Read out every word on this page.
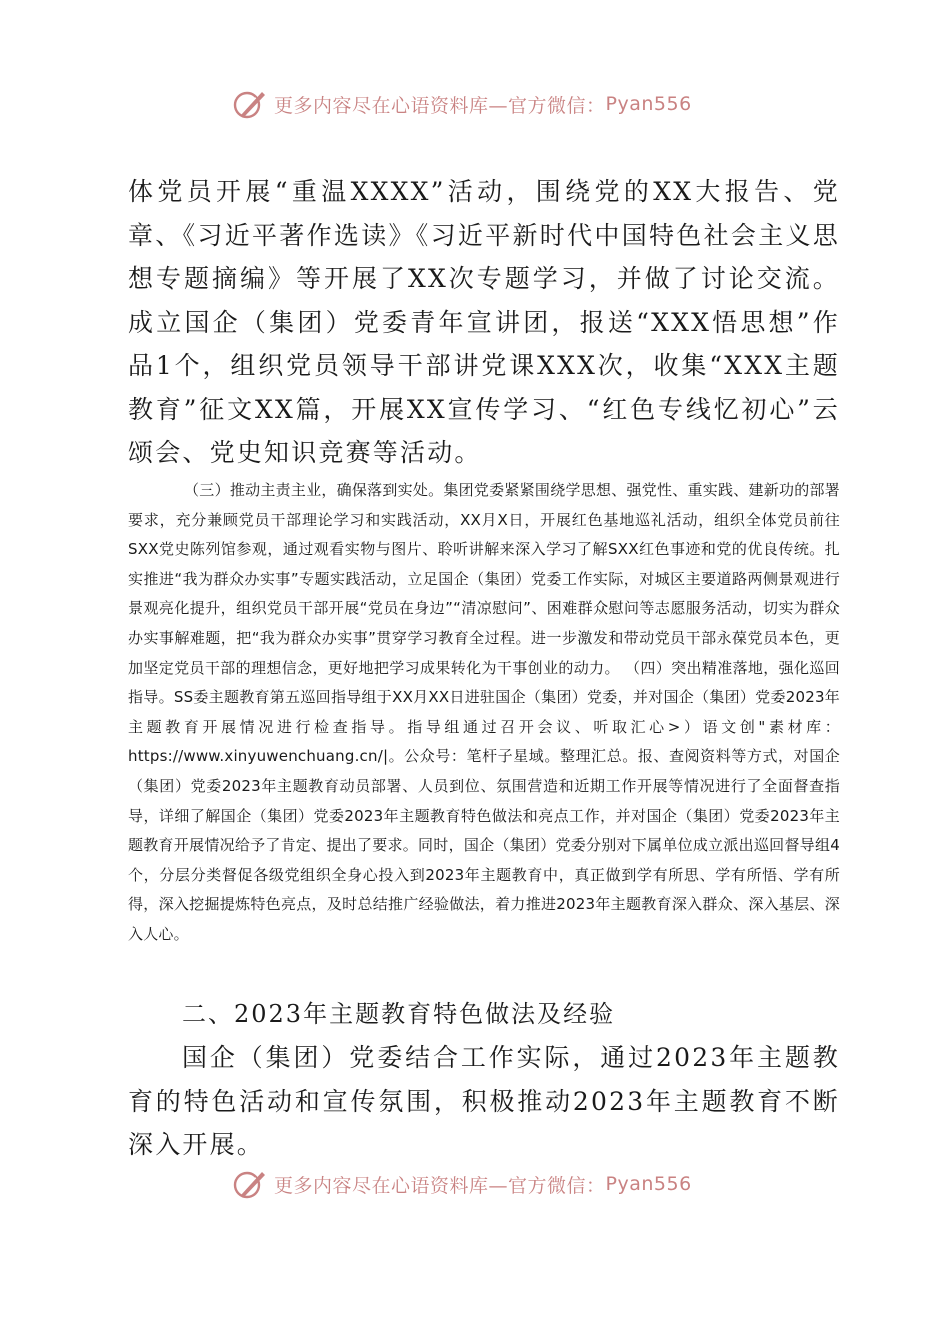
更多内容尽在心语资料库—官方微信： Pyan556

体党员开展“重温XXXX”活动，围绕党的XX大报告、党章、《习近平著作选读》《习近平新时代中国特色社会主义思想专题摘编》等开展了XX次专题学习，并做了讨论交流。成立国企（集团）党委青年宣讲团，报送“XXX悟思想”作品1个，组织党员领导干部讲党课XXX次，收集“XXX主题教育”征文XX篇，开展XX宣传学习、“红色专线忆初心”云颂会、党史知识竞赛等活动。

（三）推动主责主业，确保落到实处。集团党委紧紧围绕学思想、强党性、重实践、建新功的部署要求，充分兼顾党员干部理论学习和实践活动，XX月X日，开展红色基地巡礼活动，组织全体党员前往SXX党史陈列馆参观，通过观看实物与图片、聆听讲解来深入学习了解SXX红色事迹和党的优良传统。扎实推进“我为群众办实事”专题实践活动，立足国企（集团）党委工作实际，对城区主要道路两侧景观进行景观亮化提升，组织党员干部开展“党员在身边”“清凉慰问”、困难群众慰问等志愿服务活动，切实为群众办实事解难题，把“我为群众办实事”贯穿学习教育全过程。进一步激发和带动党员干部永葆党员本色，更加坚定党员干部的理想信念，更好地把学习成果转化为干事创业的动力。 （四）突出精准落地，强化巡回指导。SS委主题教育第五巡回指导组于XX月XX日进驻国企（集团）党委，并对国企（集团）党委2023年主题教育开展情况进行检查指导。指导组通过召开会议、听取汇心>）语文创"素材库：https://www.xinyuwenchuang.cn/|。公众号：笔杆子星域。整理汇总。报、查阅资料等方式，对国企（集团）党委2023年主题教育动员部署、人员到位、氛围营造和近期工作开展等情况进行了全面督查指导，详细了解国企（集团）党委2023年主题教育特色做法和亮点工作，并对国企（集团）党委2023年主题教育开展情况给予了肯定、提出了要求。同时，国企（集团）党委分别对下属单位成立派出巡回督导组4个，分层分类督促各级党组织全身心投入到2023年主题教育中，真正做到学有所思、学有所悟、学有所得，深入挖掘提炼特色亮点，及时总结推广经验做法，着力推进2023年主题教育深入群众、深入基层、深入人心。

二、2023年主题教育特色做法及经验

国企（集团）党委结合工作实际，通过2023年主题教育的特色活动和宣传氛围，积极推动2023年主题教育不断深入开展。

更多内容尽在心语资料库—官方微信： Pyan556
